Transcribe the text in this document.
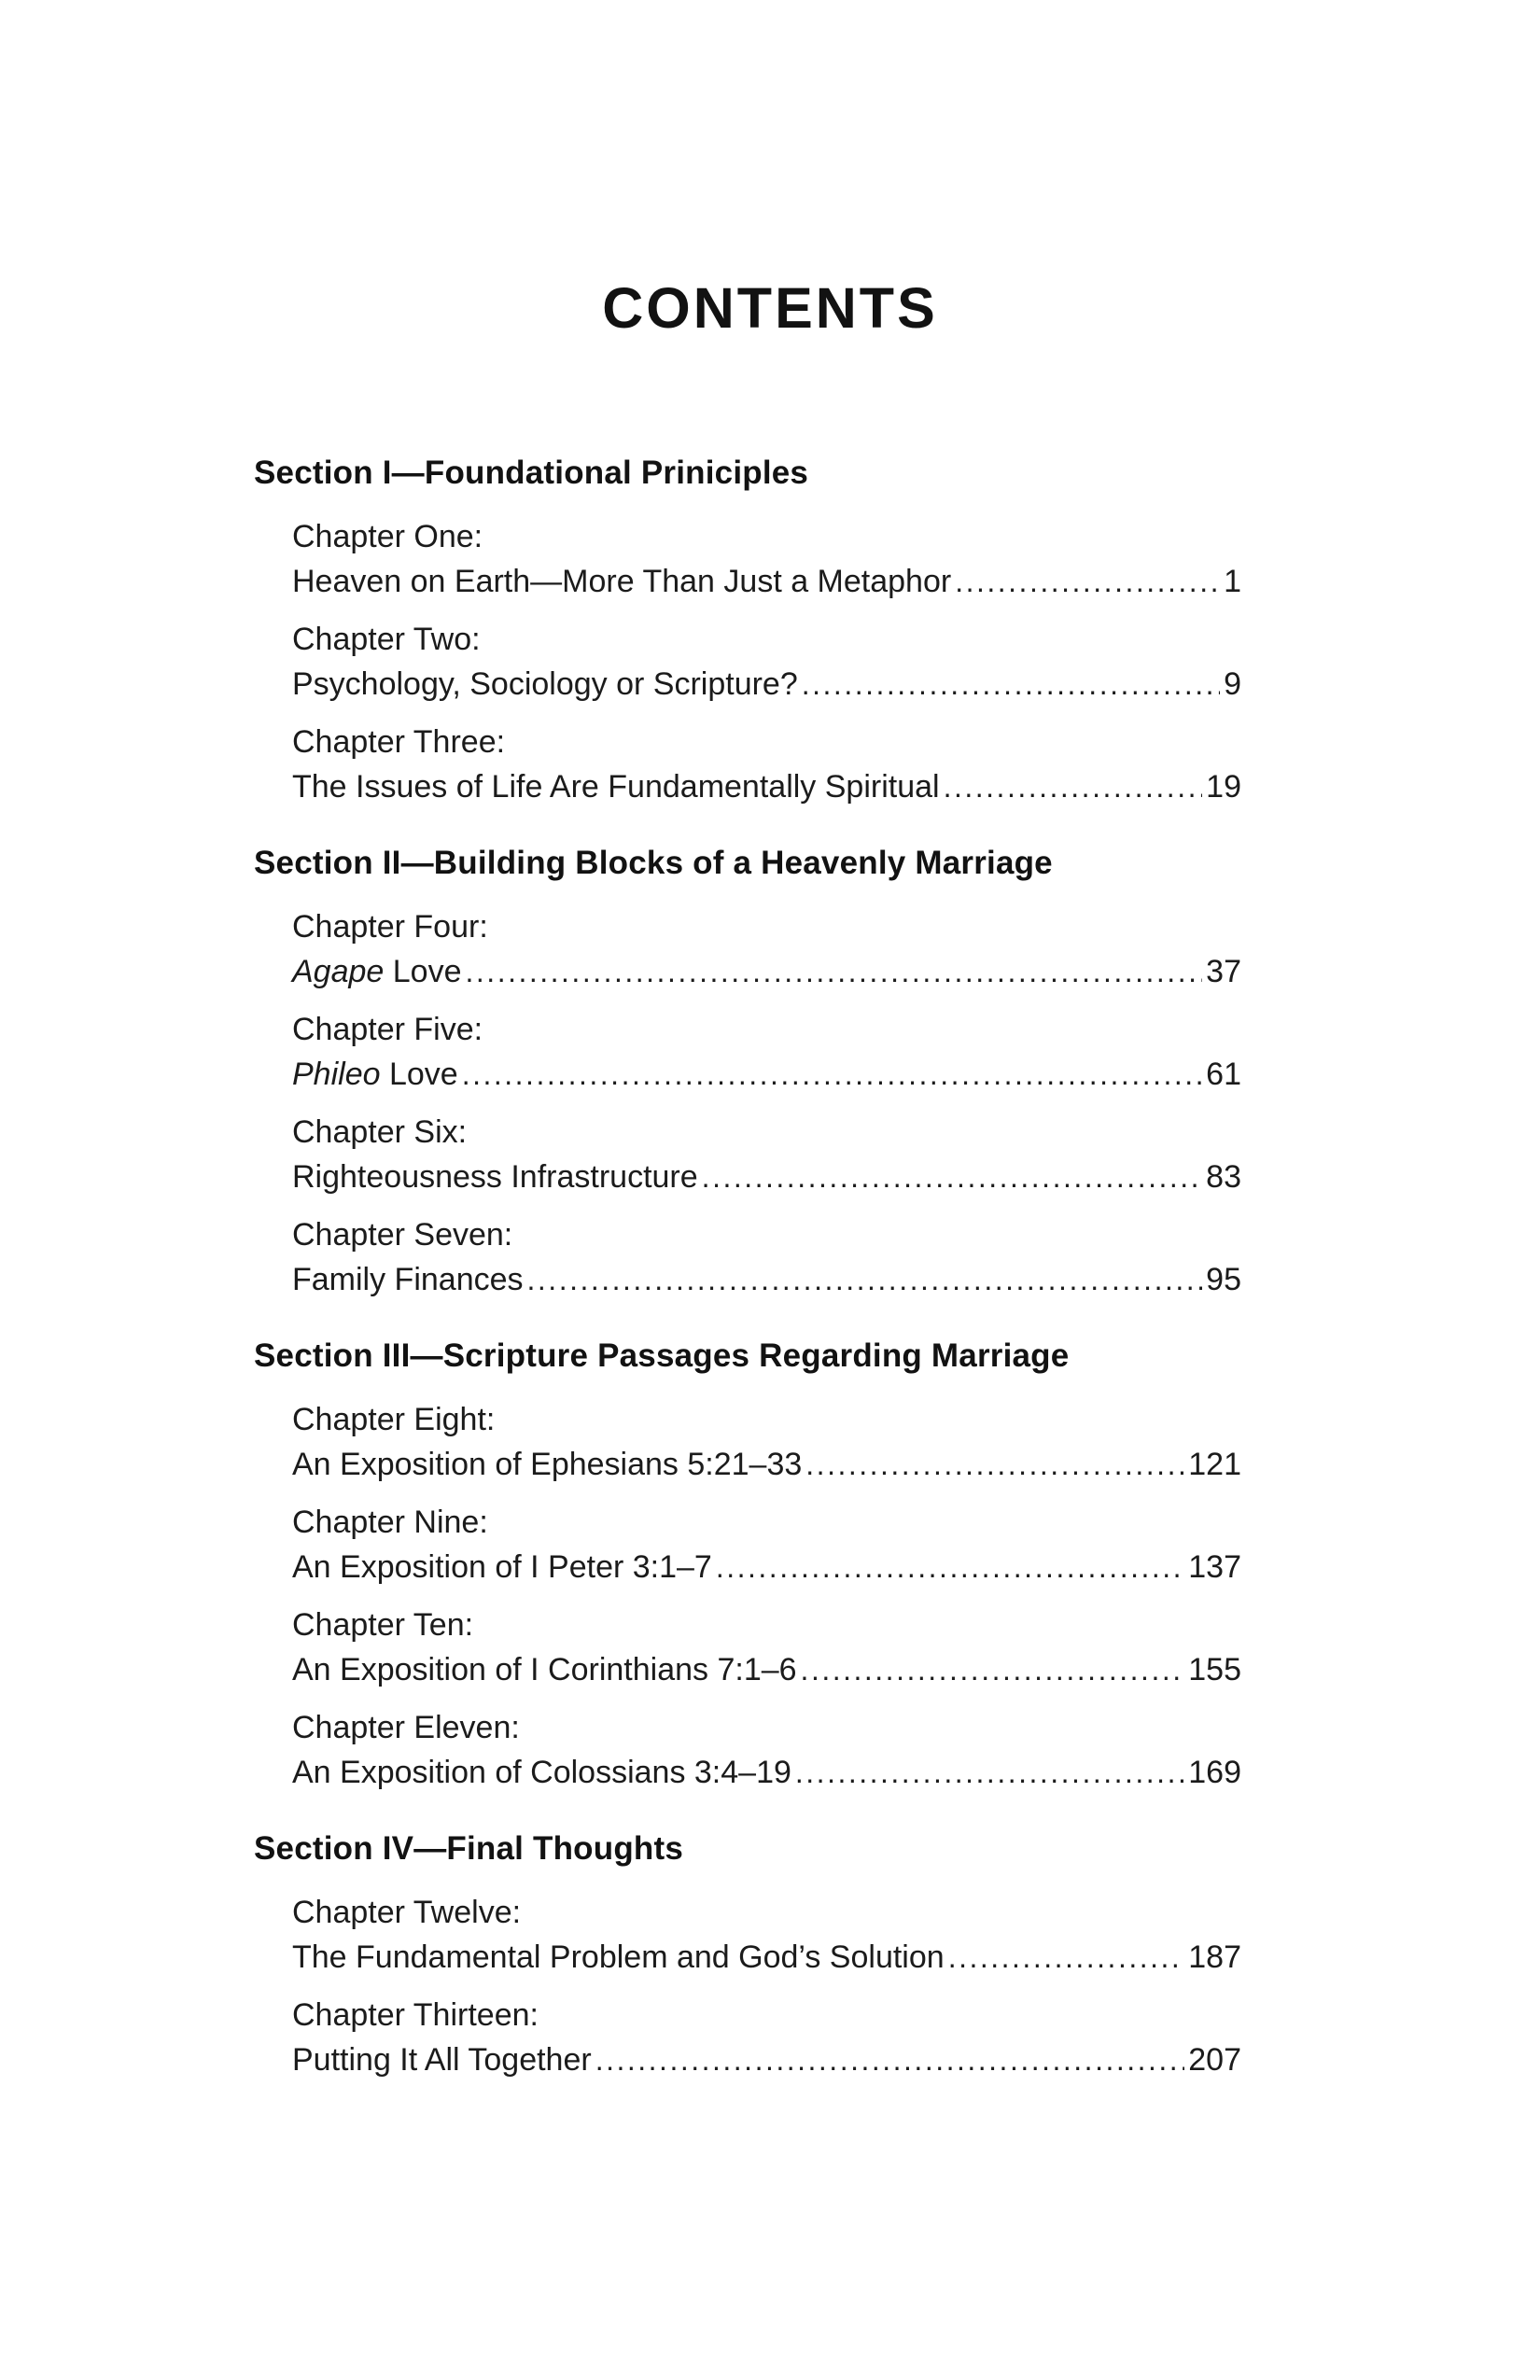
CONTENTS
Section I—Foundational Priniciples
Chapter One:
Heaven on Earth—More Than Just a Metaphor .....	1
Chapter Two:
Psychology, Sociology or Scripture? .....	9
Chapter Three:
The Issues of Life Are Fundamentally Spiritual .....	19
Section II—Building Blocks of a Heavenly Marriage
Chapter Four:
Agape Love .....	37
Chapter Five:
Phileo Love .....	61
Chapter Six:
Righteousness Infrastructure .....	83
Chapter Seven:
Family Finances .....	95
Section III—Scripture Passages Regarding Marriage
Chapter Eight:
An Exposition of Ephesians 5:21–33 .....	121
Chapter Nine:
An Exposition of I Peter 3:1–7 .....	137
Chapter Ten:
An Exposition of I Corinthians 7:1–6 .....	155
Chapter Eleven:
An Exposition of Colossians 3:4–19 .....	169
Section IV—Final Thoughts
Chapter Twelve:
The Fundamental Problem and God’s Solution .....	187
Chapter Thirteen:
Putting It All Together .....	207
